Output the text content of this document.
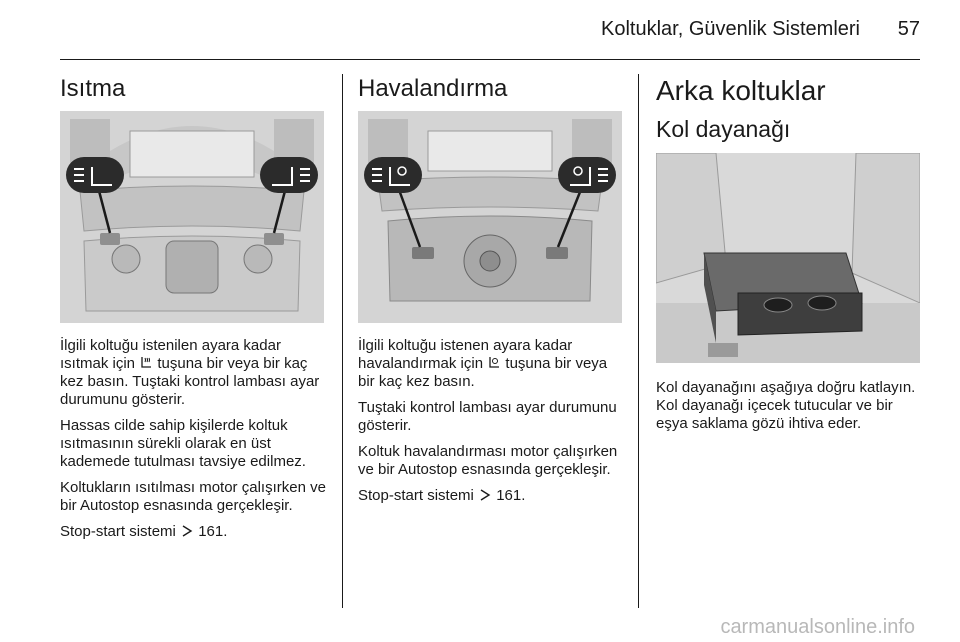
Koltuklar, Güvenlik Sistemleri	57
Isıtma

İlgili koltuğu istenilen ayara kadar ısıtmak için  tuşuna bir veya bir kaç kez basın. Tuştaki kontrol lambası ayar durumunu gösterir.

Hassas cilde sahip kişilerde koltuk ısıtmasının sürekli olarak en üst kademede tutulması tavsiye edilmez.

Koltukların ısıtılması motor çalışırken ve bir Autostop esnasında gerçekleşir.

Stop-start sistemi  161.

Havalandırma

İlgili koltuğu istenen ayara kadar havalandırmak için  tuşuna bir veya bir kaç kez basın.

Tuştaki kontrol lambası ayar durumunu gösterir.

Koltuk havalandırması motor çalışırken ve bir Autostop esnasında gerçekleşir.

Stop-start sistemi  161.

Arka koltuklar
Kol dayanağı

Kol dayanağını aşağıya doğru katlayın. Kol dayanağı içecek tutucular ve bir eşya saklama gözü ihtiva eder.

carmanualsonline.info
